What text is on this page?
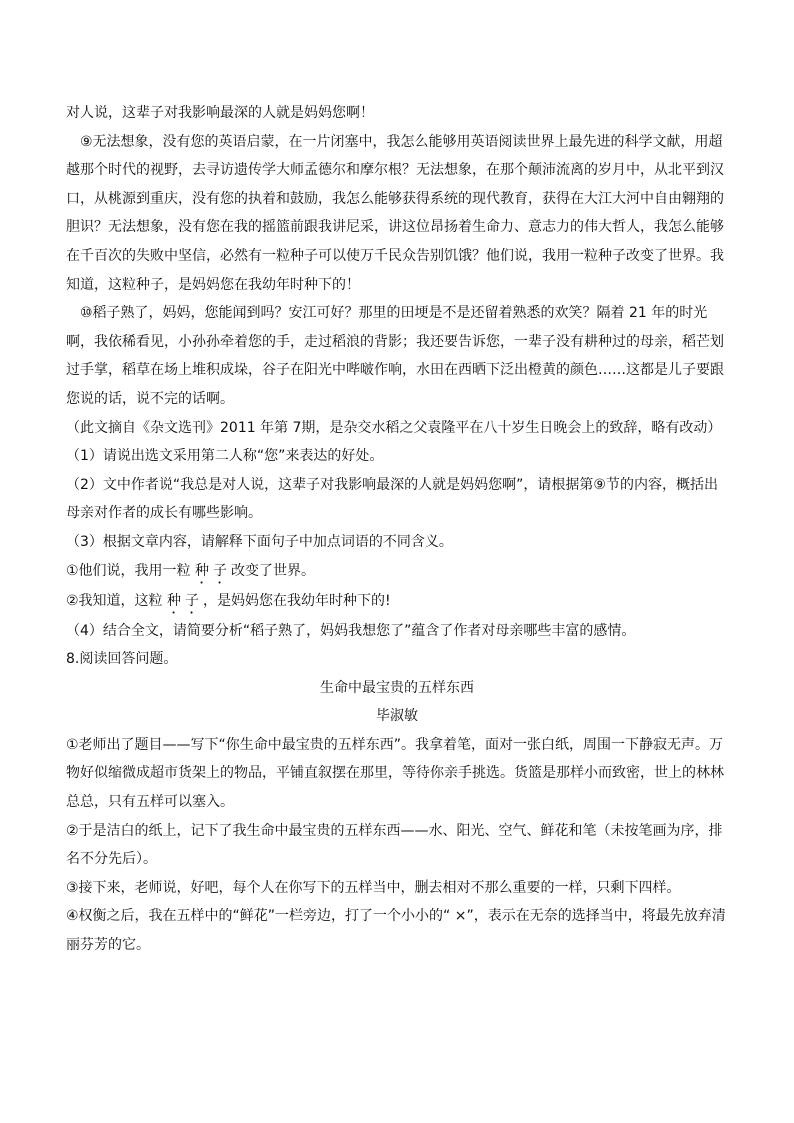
对人说，这辈子对我影响最深的人就是妈妈您啊！

⑨无法想象，没有您的英语启蒙，在一片闭塞中，我怎么能够用英语阅读世界上最先进的科学文献，用超越那个时代的视野，去寻访遗传学大师孟德尔和摩尔根？无法想象，在那个颠沛流离的岁月中，从北平到汉口，从桃源到重庆，没有您的执着和鼓励，我怎么能够获得系统的现代教育，获得在大江大河中自由翱翔的胆识？无法想象，没有您在我的摇篮前跟我讲尼采，讲这位昂扬着生命力、意志力的伟大哲人，我怎么能够在千百次的失败中坚信，必然有一粒种子可以使万千民众告别饥饿？他们说，我用一粒种子改变了世界。我知道，这粒种子，是妈妈您在我幼年时种下的！

⑩稻子熟了，妈妈，您能闻到吗？安江可好？那里的田埂是不是还留着熟悉的欢笑？隔着 21 年的时光啊，我依稀看见，小孙孙牵着您的手，走过稻浪的背影；我还要告诉您，一辈子没有耕种过的母亲，稻芒划过手掌，稻草在场上堆积成垛，谷子在阳光中哔啵作响，水田在西晒下泛出橙黄的颜色……这都是儿子要跟您说的话，说不完的话啊。

（此文摘自《杂文选刊》2011 年第 7期，是杂交水稻之父袁隆平在八十岁生日晚会上的致辞，略有改动）

（1）请说出选文采用第二人称“您”来表达的好处。

（2）文中作者说“我总是对人说，这辈子对我影响最深的人就是妈妈您啊”，请根据第⑨节的内容，概括出母亲对作者的成长有哪些影响。

（3）根据文章内容，请解释下面句子中加点词语的不同含义。

①他们说，我用一粒 种子改变了世界。

②我知道，这粒 种子，是妈妈您在我幼年时种下的!

（4）结合全文，请简要分析“稻子熟了，妈妈我想您了”蕴含了作者对母亲哪些丰富的感情。

8.阅读回答问题。

生命中最宝贵的五样东西

毕淑敏

①老师出了题目——写下“你生命中最宝贵的五样东西”。我拿着笔，面对一张白纸，周围一下静寂无声。万物好似缩微成超市货架上的物品，平铺直叙摆在那里，等待你亲手挑选。货篮是那样小而致密，世上的林林总总，只有五样可以塞入。

②于是洁白的纸上，记下了我生命中最宝贵的五样东西——水、阳光、空气、鲜花和笔（未按笔画为序，排名不分先后）。

③接下来，老师说，好吧，每个人在你写下的五样当中，删去相对不那么重要的一样，只剩下四样。

④权衡之后，我在五样中的“鲜花”一栏旁边，打了一个小小的“ ×”，表示在无奈的选择当中，将最先放弃清丽芬芳的它。
